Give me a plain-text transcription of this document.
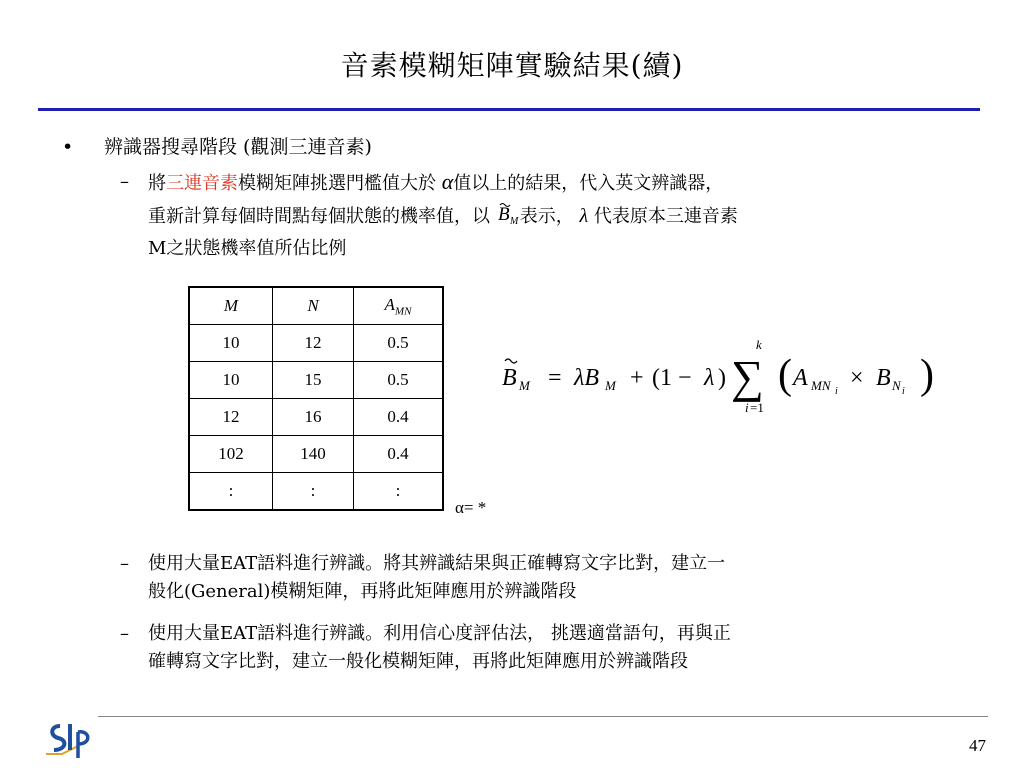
音素模糊矩陣實驗結果(續)
• 辨識器搜尋階段 (觀測三連音素)
– 將三連音素模糊矩陣挑選門檻值大於 α值以上的結果，代入英文辨識器，
重新計算每個時間點每個狀態的機率值，以 B M 表示， λ 代表原本三連音素
M之狀態機率值所佔比例
M	N	$A_{MN}$
10	12	0.5
10	15	0.5
12	16	0.4
102	140	0.4
:	:	:
B M = λB M + (1 − λ ) ∑
k
i =1
( A MN i
× B N i )
α= *
– 使用大量EAT語料進行辨識。將其辨識結果與正確轉寫文字比對，建立一
般化(General)模糊矩陣，再將此矩陣應用於辨識階段
– 使用大量EAT語料進行辨識。利用信心度評估法， 挑選適當語句，再與正
確轉寫文字比對，建立一般化模糊矩陣，再將此矩陣應用於辨識階段
47
